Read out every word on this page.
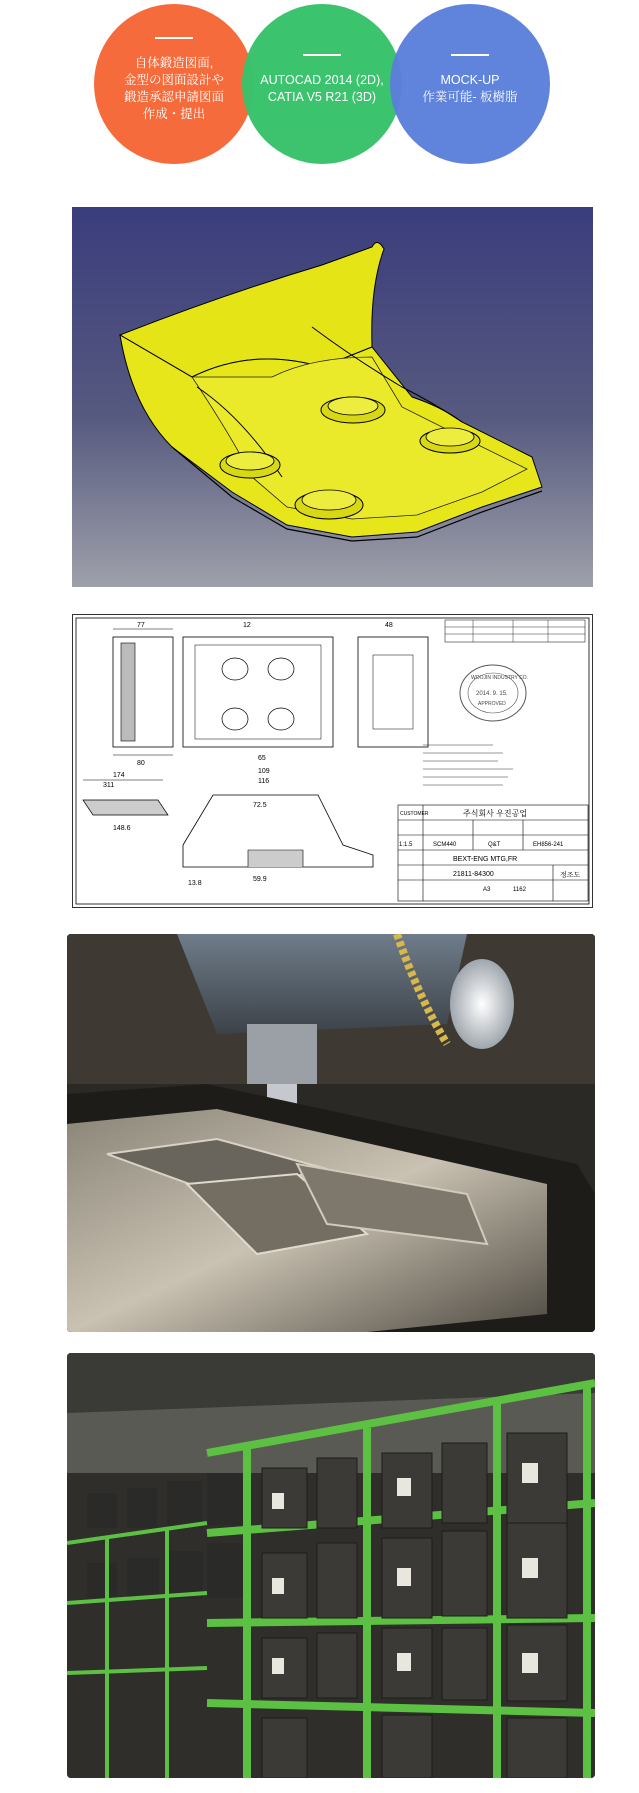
自体鍛造図面,
金型の図面設計や
鍛造承認申請図面
作成・提出
AUTOCAD 2014 (2D),
CATIA V5 R21 (3D)
MOCK-UP
作業可能- 板樹脂
77
80
12	48
WOOJIN INDUSTRY CO.
2014. 9. 15.
APPROVED
174
311
148.6
65
109
116
72.5
59.9
13.8
CUSTOMER	주식회사 우진공업
1:1.5	SCM440	Q&T	EH856-241
BEXT-ENG MTG,FR
21811-84300
A3	1162
정조도
